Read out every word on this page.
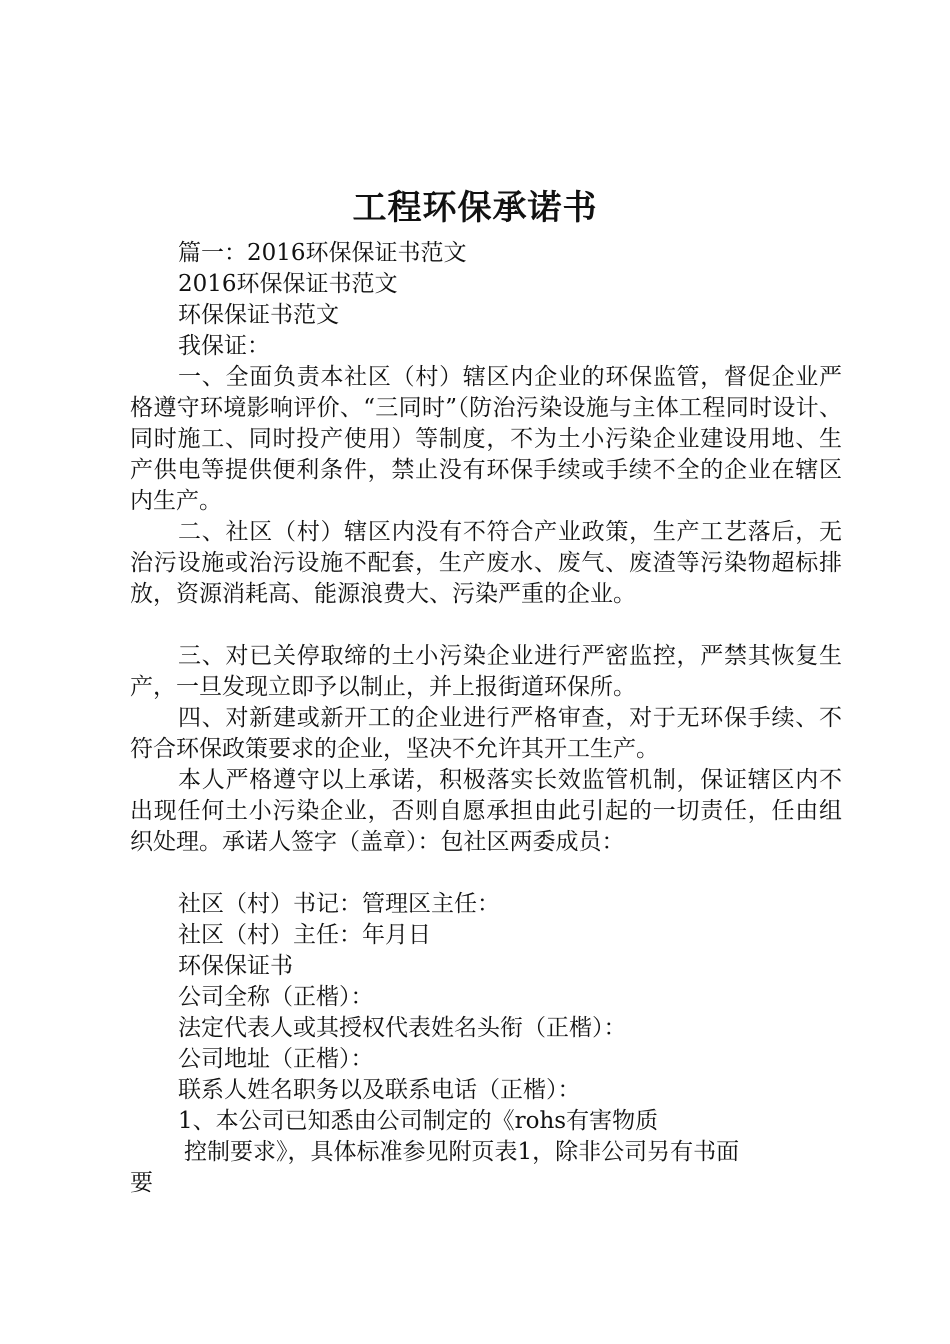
工程环保承诺书

篇一：2016环保保证书范文

2016环保保证书范文

环保保证书范文

我保证：

一、全面负责本社区（村）辖区内企业的环保监管，督促企业严格遵守环境影响评价、“三同时”（防治污染设施与主体工程同时设计、同时施工、同时投产使用）等制度，不为土小污染企业建设用地、生产供电等提供便利条件，禁止没有环保手续或手续不全的企业在辖区内生产。

二、社区（村）辖区内没有不符合产业政策，生产工艺落后，无治污设施或治污设施不配套，生产废水、废气、废渣等污染物超标排放，资源消耗高、能源浪费大、污染严重的企业。

三、对已关停取缔的土小污染企业进行严密监控，严禁其恢复生产，一旦发现立即予以制止，并上报街道环保所。

四、对新建或新开工的企业进行严格审查，对于无环保手续、不符合环保政策要求的企业，坚决不允许其开工生产。

本人严格遵守以上承诺，积极落实长效监管机制，保证辖区内不出现任何土小污染企业，否则自愿承担由此引起的一切责任，任由组织处理。承诺人签字（盖章）：包社区两委成员：

社区（村）书记：管理区主任：

社区（村）主任：年月日

环保保证书

公司全称（正楷）：

法定代表人或其授权代表姓名头衔（正楷）：

公司地址（正楷）：

联系人姓名职务以及联系电话（正楷）：

1、本公司已知悉由公司制定的《rohs有害物质

控制要求》，具体标准参见附页表1，除非公司另有书面

要
